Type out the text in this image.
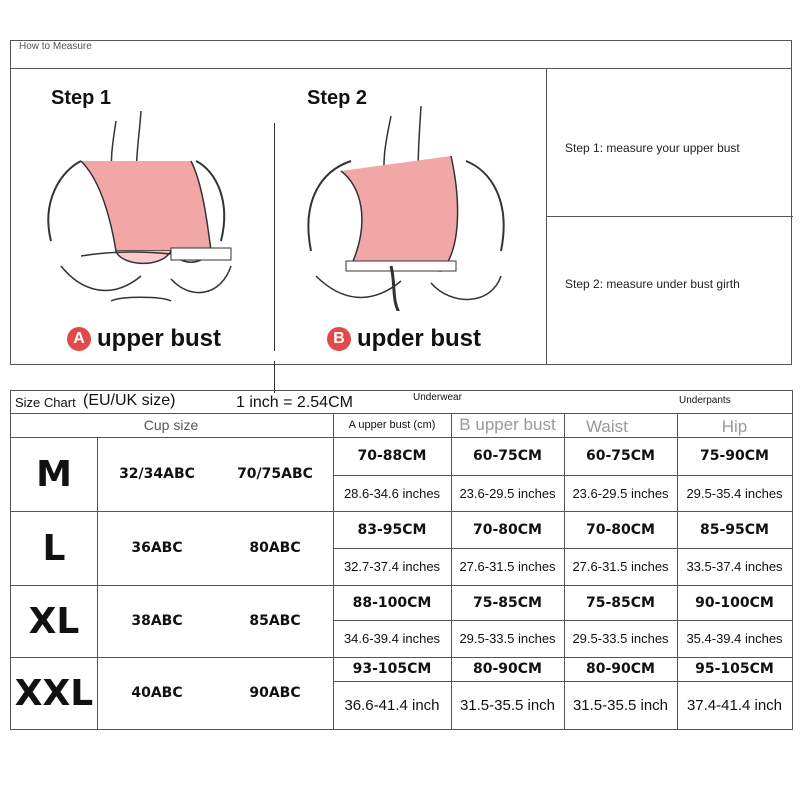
How to Measure
Step 1	Step 2
A upper bust	B upder bust
Step 1: measure your upper bust
Step 2: measure under bust girth
Size Chart (EU/UK size)	1 inch = 2.54CM	Underwear	Underpants
Cup size	A upper bust (cm)	B upper bust	Waist	Hip
M	32/34ABC	70/75ABC
70-88CM	60-75CM	60-75CM	75-90CM
28.6-34.6 inches	23.6-29.5 inches	23.6-29.5 inches	29.5-35.4 inches
L	36ABC	80ABC
83-95CM	70-80CM	70-80CM	85-95CM
32.7-37.4 inches	27.6-31.5 inches	27.6-31.5 inches	33.5-37.4 inches
XL	38ABC	85ABC
88-100CM	75-85CM	75-85CM	90-100CM
34.6-39.4 inches	29.5-33.5 inches	29.5-33.5 inches	35.4-39.4 inches
XXL	40ABC	90ABC
93-105CM	80-90CM	80-90CM	95-105CM
36.6-41.4 inch	31.5-35.5 inch	31.5-35.5 inch	37.4-41.4 inch
